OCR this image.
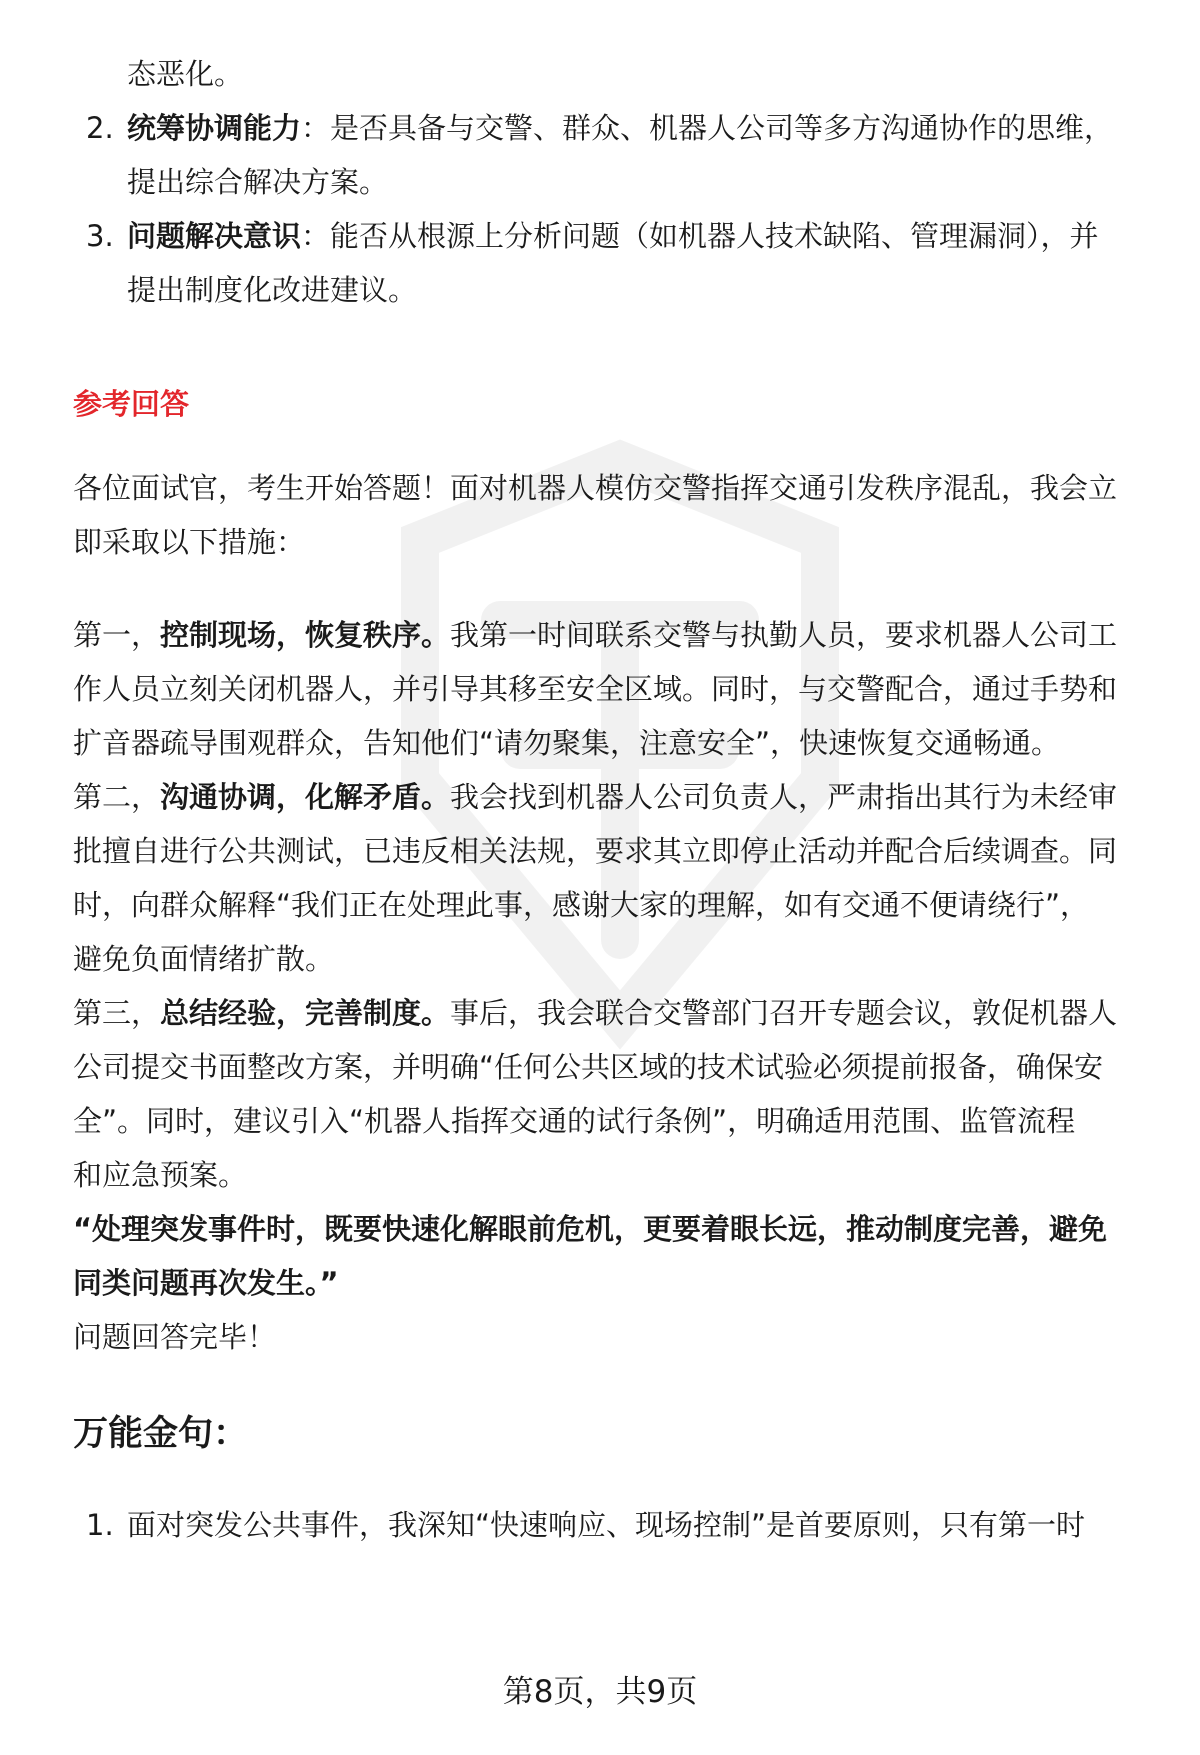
态恶化。
2. 统筹协调能力：是否具备与交警、群众、机器人公司等多方沟通协作的思维，
提出综合解决方案。
3. 问题解决意识：能否从根源上分析问题（如机器人技术缺陷、管理漏洞），并
提出制度化改进建议。
参考回答
各位面试官，考生开始答题！面对机器人模仿交警指挥交通引发秩序混乱，我会立
即采取以下措施：
第一，控制现场，恢复秩序。我第一时间联系交警与执勤人员，要求机器人公司工
作人员立刻关闭机器人，并引导其移至安全区域。同时，与交警配合，通过手势和
扩音器疏导围观群众，告知他们“请勿聚集，注意安全”，快速恢复交通畅通。
第二，沟通协调，化解矛盾。我会找到机器人公司负责人，严肃指出其行为未经审
批擅自进行公共测试，已违反相关法规，要求其立即停止活动并配合后续调查。同
时，向群众解释“我们正在处理此事，感谢大家的理解，如有交通不便请绕行”，
避免负面情绪扩散。
第三，总结经验，完善制度。事后，我会联合交警部门召开专题会议，敦促机器人
公司提交书面整改方案，并明确“任何公共区域的技术试验必须提前报备，确保安
全”。同时，建议引入“机器人指挥交通的试行条例”，明确适用范围、监管流程
和应急预案。
“处理突发事件时，既要快速化解眼前危机，更要着眼长远，推动制度完善，避免
同类问题再次发生。”
问题回答完毕！
万能金句：
1. 面对突发公共事件，我深知“快速响应、现场控制”是首要原则，只有第一时
第8页，共9页
